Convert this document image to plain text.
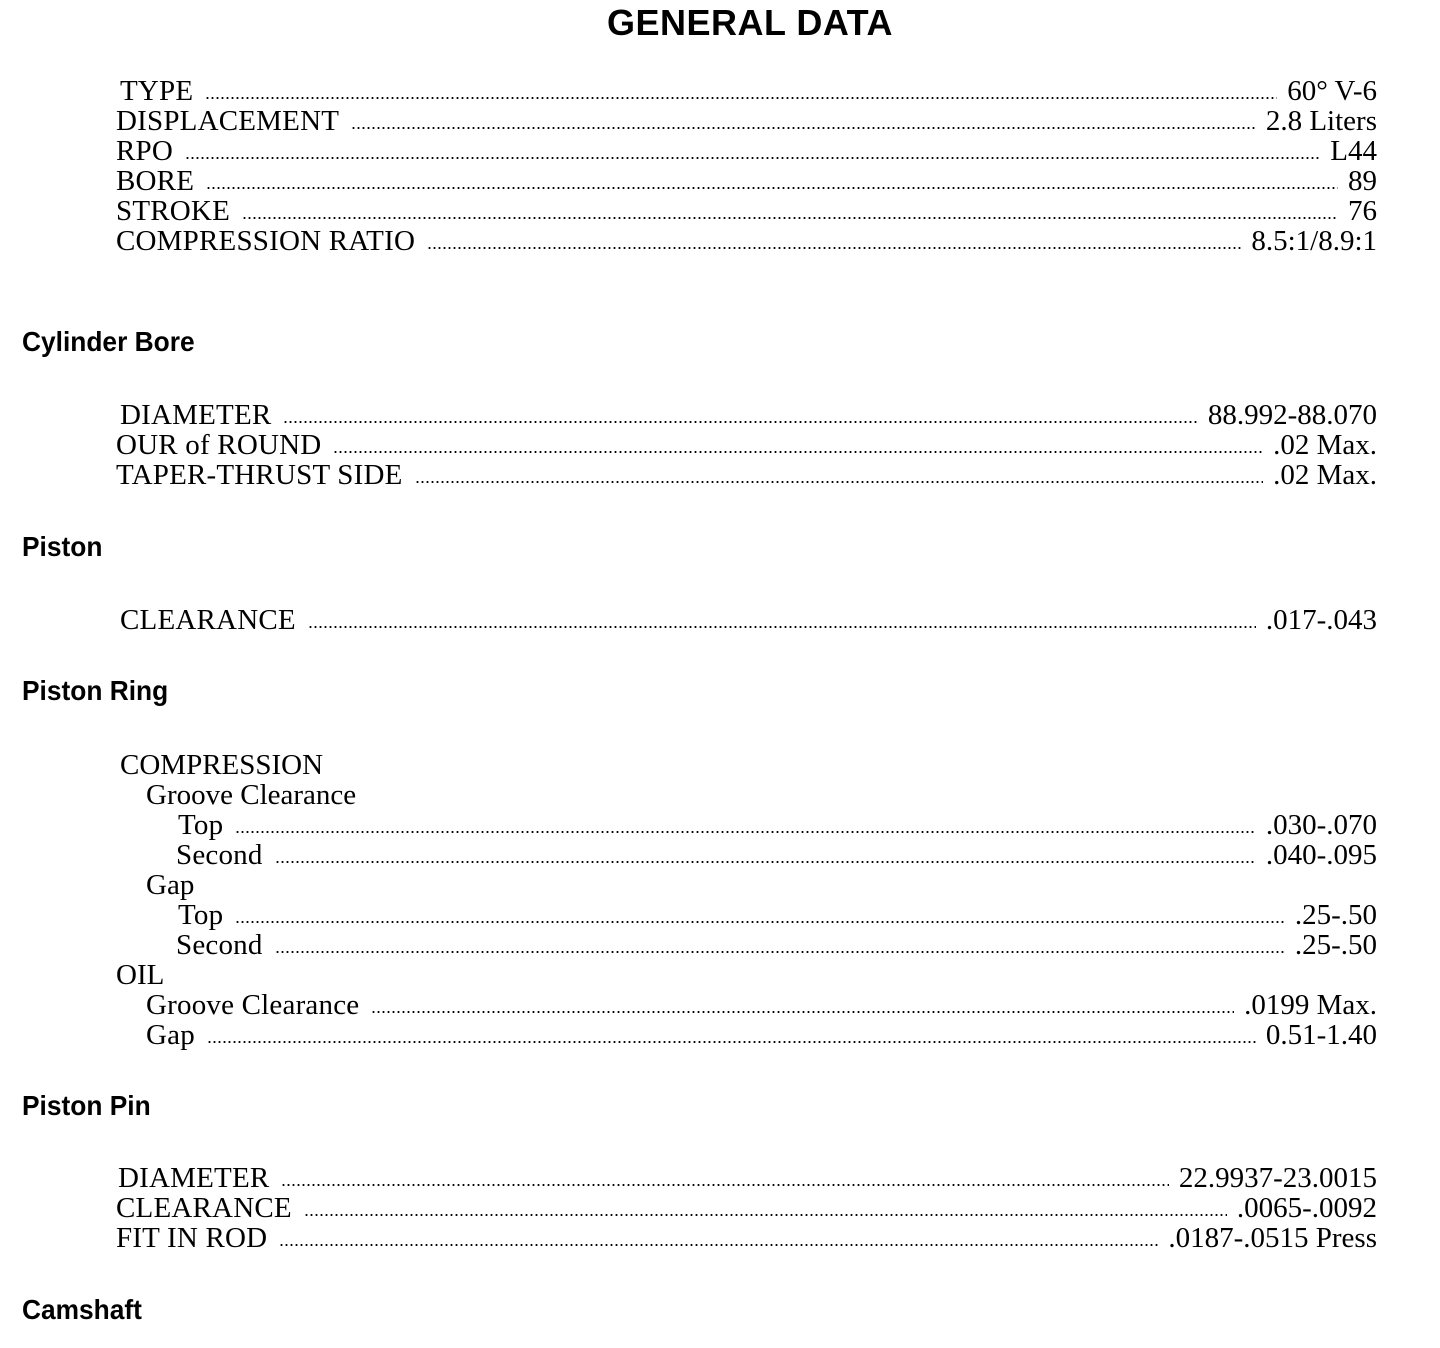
GENERAL DATA
TYPE	60° V-6
DISPLACEMENT	2.8 Liters
RPO	L44
BORE	89
STROKE	76
COMPRESSION RATIO	8.5:1/8.9:1
Cylinder Bore
DIAMETER	88.992-88.070
OUR of ROUND	.02 Max.
TAPER-THRUST SIDE	.02 Max.
Piston
CLEARANCE	.017-.043
Piston Ring
COMPRESSION
Groove Clearance
Top	.030-.070
Second	.040-.095
Gap
Top	.25-.50
Second	.25-.50
OIL
Groove Clearance	.0199 Max.
Gap	0.51-1.40
Piston Pin
DIAMETER	22.9937-23.0015
CLEARANCE	.0065-.0092
FIT IN ROD	.0187-.0515 Press
Camshaft
